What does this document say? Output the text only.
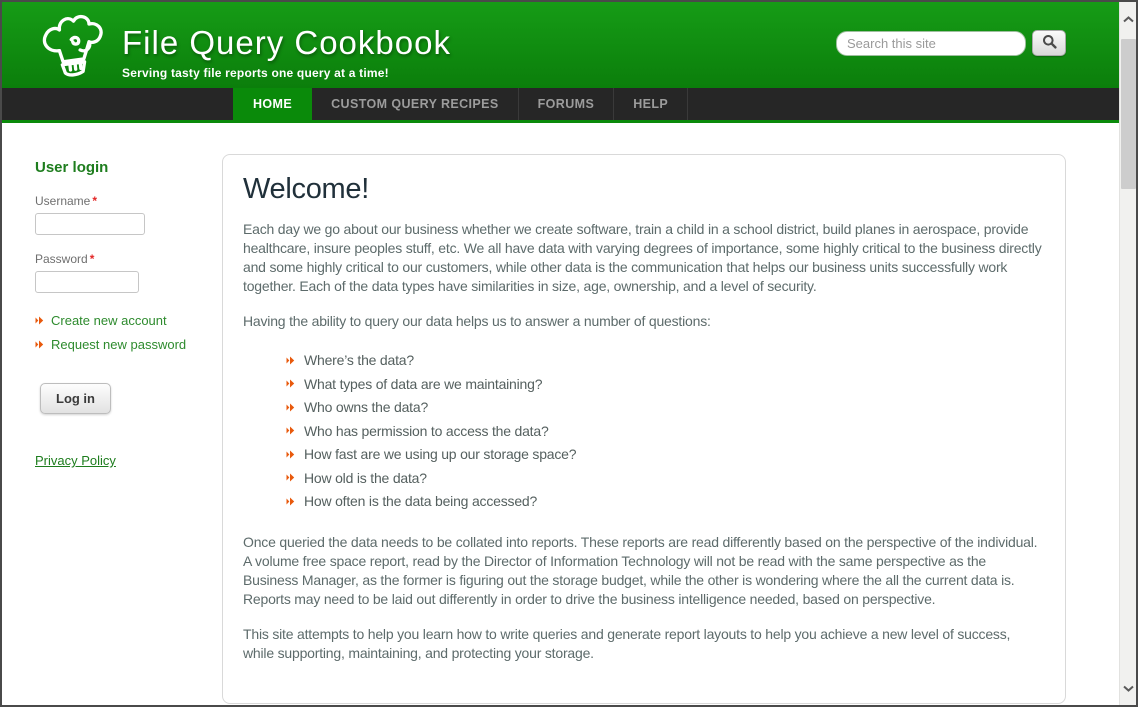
File Query Cookbook
Serving tasty file reports one query at a time!
Search this site
HOME	CUSTOM QUERY RECIPES	FORUMS	HELP
User login
Username *
Password *
Create new account
Request new password
Log in
Privacy Policy
Welcome!

Each day we go about our business whether we create software, train a child in a school district, build planes in aerospace, provide healthcare, insure peoples stuff, etc. We all have data with varying degrees of importance, some highly critical to the business directly and some highly critical to our customers, while other data is the communication that helps our business units successfully work together. Each of the data types have similarities in size, age, ownership, and a level of security.

Having the ability to query our data helps us to answer a number of questions:

Where’s the data?
What types of data are we maintaining?
Who owns the data?
Who has permission to access the data?
How fast are we using up our storage space?
How old is the data?
How often is the data being accessed?

Once queried the data needs to be collated into reports. These reports are read differently based on the perspective of the individual. A volume free space report, read by the Director of Information Technology will not be read with the same perspective as the Business Manager, as the former is figuring out the storage budget, while the other is wondering where the all the current data is. Reports may need to be laid out differently in order to drive the business intelligence needed, based on perspective.

This site attempts to help you learn how to write queries and generate report layouts to help you achieve a new level of success, while supporting, maintaining, and protecting your storage.
